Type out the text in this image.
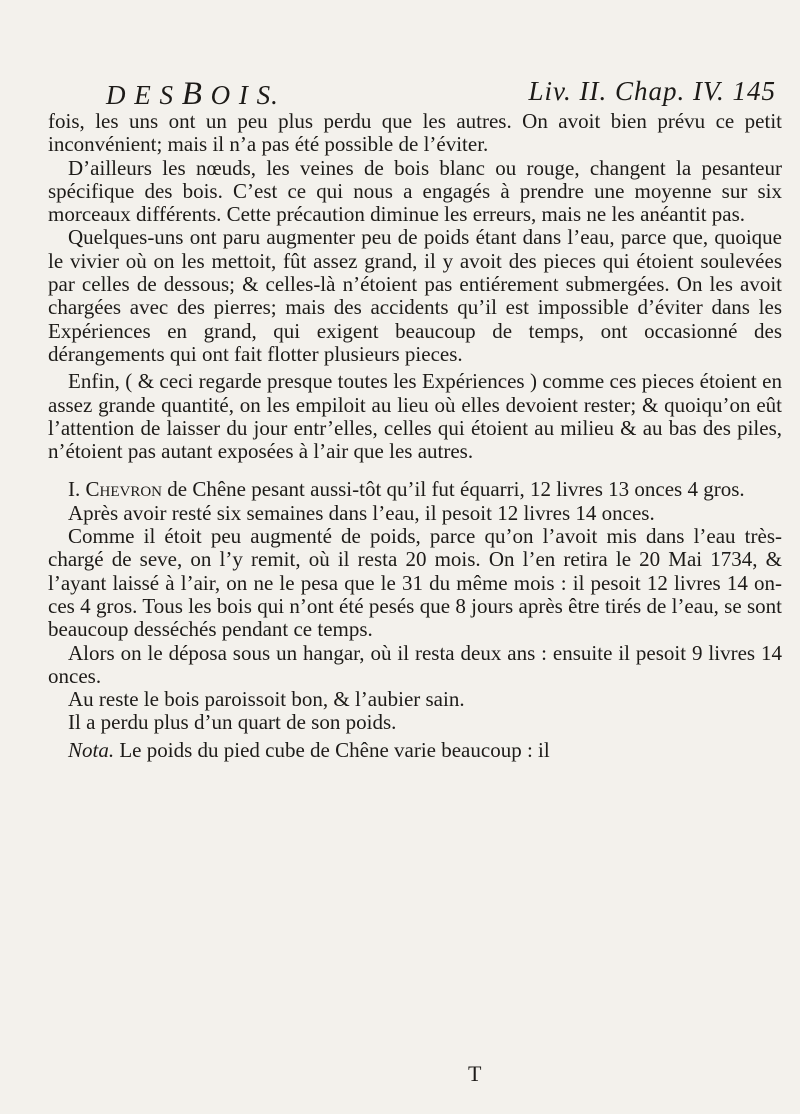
D E S B O I S.	Liv. II. Chap. IV. 145

fois, les uns ont un peu plus perdu que les autres. On avoit bien prévu ce petit inconvénient; mais il n’a pas été possible de l’éviter.

D’ailleurs les nœuds, les veines de bois blanc ou rouge, changent la pesanteur spécifique des bois. C’est ce qui nous a engagés à prendre une moyenne sur six morceaux différents. Cette précaution diminue les erreurs, mais ne les anéantit pas.

Quelques-uns ont paru augmenter peu de poids étant dans l’eau, parce que, quoique le vivier où on les mettoit, fût assez grand, il y avoit des pieces qui étoient soulevées par celles de dessous; & celles-là n’étoient pas entiérement submergées. On les avoit chargées avec des pierres; mais des accidents qu’il est impossible d’éviter dans les Expériences en grand, qui exigent beaucoup de temps, ont occasionné des dérangements qui ont fait flotter plusieurs pieces.

Enfin, ( & ceci regarde presque toutes les Expériences ) comme ces pieces étoient en assez grande quantité, on les empiloit au lieu où elles devoient rester; & quoiqu’on eût l’attention de laisser du jour entr’elles, celles qui étoient au milieu & au bas des piles, n’étoient pas autant exposées à l’air que les autres.

I. Chevron de Chêne pesant aussi-tôt qu’il fut équarri, 12 livres 13 onces 4 gros.

Après avoir resté six semaines dans l’eau, il pesoit 12 livres 14 onces.

Comme il étoit peu augmenté de poids, parce qu’on l’avoit mis dans l’eau très-chargé de seve, on l’y remit, où il resta 20 mois. On l’en retira le 20 Mai 1734, & l’ayant laissé à l’air, on ne le pesa que le 31 du même mois : il pesoit 12 livres 14 onces 4 gros. Tous les bois qui n’ont été pesés que 8 jours après être tirés de l’eau, se sont beaucoup desséchés pendant ce temps.

Alors on le déposa sous un hangar, où il resta deux ans : ensuite il pesoit 9 livres 14 onces.

Au reste le bois paroissoit bon, & l’aubier sain.

Il a perdu plus d’un quart de son poids.

Nota. Le poids du pied cube de Chêne varie beaucoup : il

T
